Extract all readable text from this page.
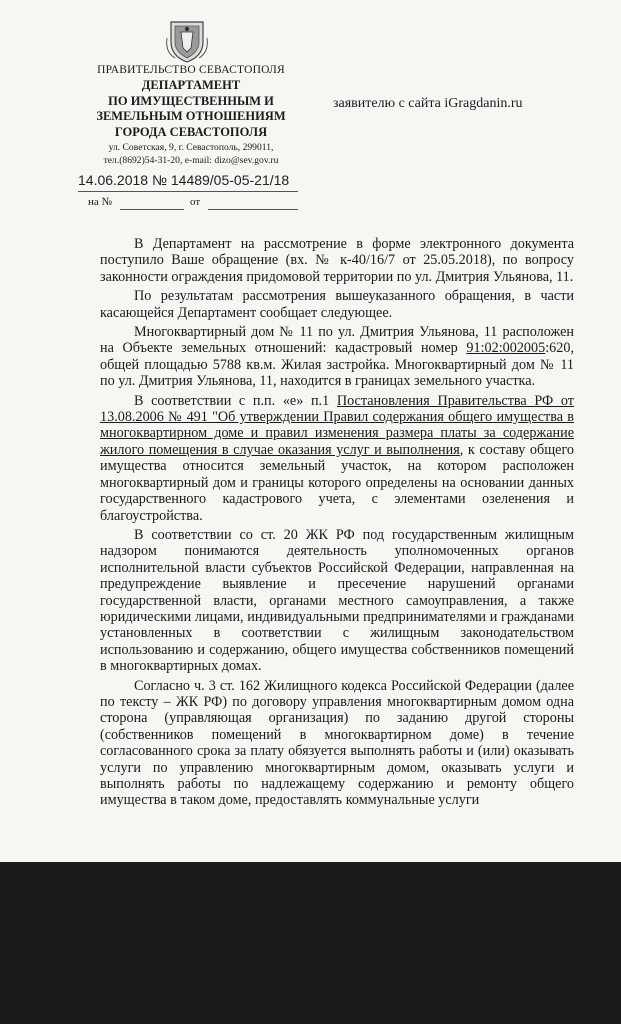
ПРАВИТЕЛЬСТВО СЕВАСТОПОЛЯ
ДЕПАРТАМЕНТ
ПО ИМУЩЕСТВЕННЫМ И
ЗЕМЕЛЬНЫМ ОТНОШЕНИЯМ
ГОРОДА СЕВАСТОПОЛЯ
ул. Советская, 9, г. Севастополь, 299011,
тел.(8692)54-31-20, e-mail: dizo@sev.gov.ru
14.06.2018 № 14489/05-05-21/18
на №	от
заявителю с сайта iGragdanin.ru

В Департамент на рассмотрение в форме электронного документа поступило Ваше обращение (вх. № к-40/16/7 от 25.05.2018), по вопросу законности ограждения придомовой территории по ул. Дмитрия Ульянова, 11.

По результатам рассмотрения вышеуказанного обращения, в части касающейся Департамент сообщает следующее.

Многоквартирный дом № 11 по ул. Дмитрия Ульянова, 11 расположен на Объекте земельных отношений: кадастровый номер 91:02:002005:620, общей площадью 5788 кв.м. Жилая застройка. Многоквартирный дом № 11 по ул. Дмитрия Ульянова, 11, находится в границах земельного участка.

В соответствии с п.п. «е» п.1 Постановления Правительства РФ от 13.08.2006 № 491 "Об утверждении Правил содержания общего имущества в многоквартирном доме и правил изменения размера платы за содержание жилого помещения в случае оказания услуг и выполнения, к составу общего имущества относится земельный участок, на котором расположен многоквартирный дом и границы которого определены на основании данных государственного кадастрового учета, с элементами озеленения и благоустройства.

В соответствии со ст. 20 ЖК РФ под государственным жилищным надзором понимаются деятельность уполномоченных органов исполнительной власти субъектов Российской Федерации, направленная на предупреждение выявление и пресечение нарушений органами государственной власти, органами местного самоуправления, а также юридическими лицами, индивидуальными предпринимателями и гражданами установленных в соответствии с жилищным законодательством использованию и содержанию, общего имущества собственников помещений в многоквартирных домах.

Согласно ч. 3 ст. 162 Жилищного кодекса Российской Федерации (далее по тексту – ЖК РФ) по договору управления многоквартирным домом одна сторона (управляющая организация) по заданию другой стороны (собственников помещений в многоквартирном доме) в течение согласованного срока за плату обязуется выполнять работы и (или) оказывать услуги по управлению многоквартирным домом, оказывать услуги и выполнять работы по надлежащему содержанию и ремонту общего имущества в таком доме, предоставлять коммунальные услуги
